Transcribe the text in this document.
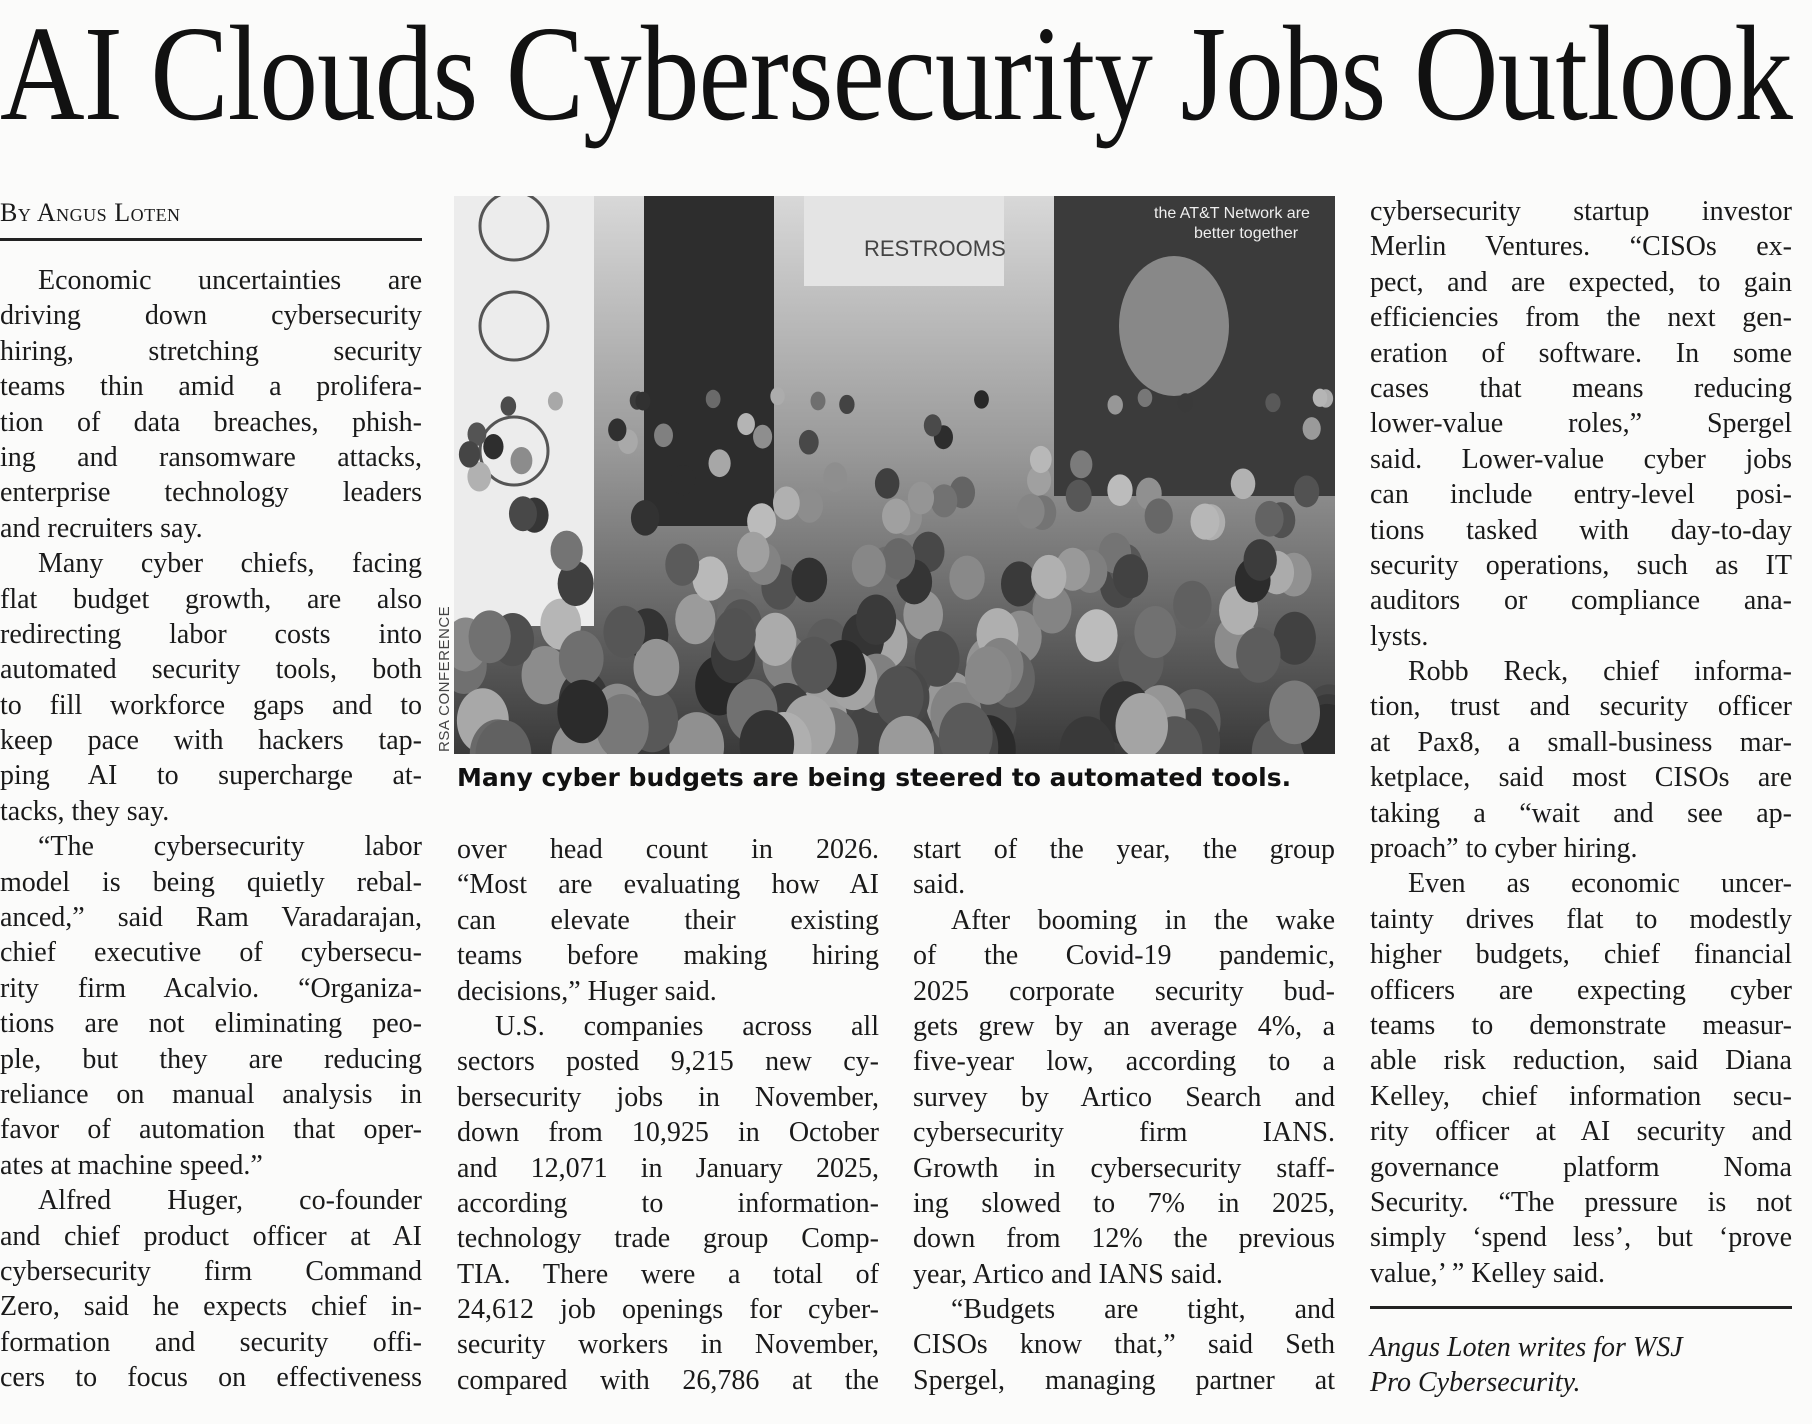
AI Clouds Cybersecurity Jobs Outlook
By Angus Loten
Economic uncertainties are
driving down cybersecurity
hiring, stretching security
teams thin amid a prolifera-
tion of data breaches, phish-
ing and ransomware attacks,
enterprise technology leaders
and recruiters say.
Many cyber chiefs, facing
flat budget growth, are also
redirecting labor costs into
automated security tools, both
to fill workforce gaps and to
keep pace with hackers tap-
ping AI to supercharge at-
tacks, they say.
“The cybersecurity labor
model is being quietly rebal-
anced,” said Ram Varadarajan,
chief executive of cybersecu-
rity firm Acalvio. “Organiza-
tions are not eliminating peo-
ple, but they are reducing
reliance on manual analysis in
favor of automation that oper-
ates at machine speed.”
Alfred Huger, co-founder
and chief product officer at AI
cybersecurity firm Command
Zero, said he expects chief in-
formation and security offi-
cers to focus on effectiveness
over head count in 2026.
“Most are evaluating how AI
can elevate their existing
teams before making hiring
decisions,” Huger said.
U.S. companies across all
sectors posted 9,215 new cy-
bersecurity jobs in November,
down from 10,925 in October
and 12,071 in January 2025,
according to information-
technology trade group Comp-
TIA. There were a total of
24,612 job openings for cyber-
security workers in November,
compared with 26,786 at the
start of the year, the group
said.
After booming in the wake
of the Covid-19 pandemic,
2025 corporate security bud-
gets grew by an average 4%, a
five-year low, according to a
survey by Artico Search and
cybersecurity firm IANS.
Growth in cybersecurity staff-
ing slowed to 7% in 2025,
down from 12% the previous
year, Artico and IANS said.
“Budgets are tight, and
CISOs know that,” said Seth
Spergel, managing partner at
cybersecurity startup investor
Merlin Ventures. “CISOs ex-
pect, and are expected, to gain
efficiencies from the next gen-
eration of software. In some
cases that means reducing
lower-value roles,” Spergel
said. Lower-value cyber jobs
can include entry-level posi-
tions tasked with day-to-day
security operations, such as IT
auditors or compliance ana-
lysts.
Robb Reck, chief informa-
tion, trust and security officer
at Pax8, a small-business mar-
ketplace, said most CISOs are
taking a “wait and see ap-
proach” to cyber hiring.
Even as economic uncer-
tainty drives flat to modestly
higher budgets, chief financial
officers are expecting cyber
teams to demonstrate measur-
able risk reduction, said Diana
Kelley, chief information secu-
rity officer at AI security and
governance platform Noma
Security. “The pressure is not
simply ‘spend less’, but ‘prove
value,’ ” Kelley said.
RESTROOMS
the AT&T Network are
better together
RSA CONFERENCE
Many cyber budgets are being steered to automated tools.
Angus Loten writes for WSJ
Pro Cybersecurity.
